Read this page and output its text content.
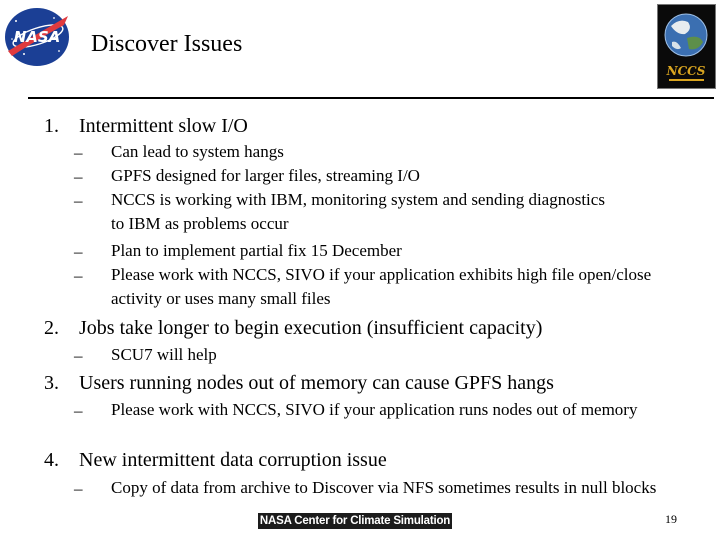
NASA Discover Issues
NCCS
1. Intermittent slow I/O
– Can lead to system hangs
– GPFS designed for larger files, streaming I/O
– NCCS is working with IBM, monitoring system and sending diagnostics to IBM as problems occur
– Plan to implement partial fix 15 December
– Please work with NCCS, SIVO if your application exhibits high file open/close activity or uses many small files
2. Jobs take longer to begin execution (insufficient capacity)
– SCU7 will help
3. Users running nodes out of memory can cause GPFS hangs
– Please work with NCCS, SIVO if your application runs nodes out of memory
4. New intermittent data corruption issue
– Copy of data from archive to Discover via NFS sometimes results in null blocks
NASA Center for Climate Simulation	19
